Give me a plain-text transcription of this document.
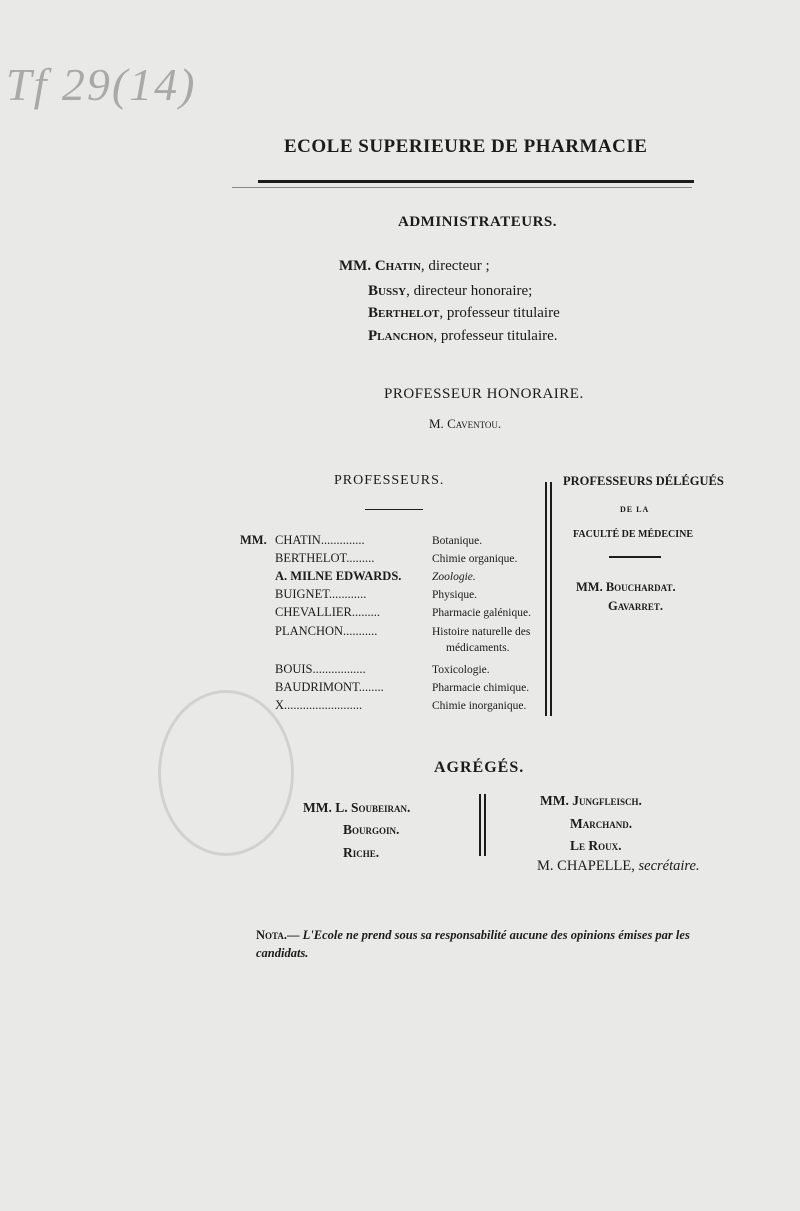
Tf 29(14)
ECOLE SUPERIEURE DE PHARMACIE
ADMINISTRATEURS.
MM. Chatin, directeur ;
Bussy, directeur honoraire;
Berthelot, professeur titulaire
Planchon, professeur titulaire.
PROFESSEUR HONORAIRE.
M. Caventou.
PROFESSEURS.
MM. CHATIN..............	Botanique.
BERTHELOT.........	Chimie organique.
A. MILNE EDWARDS.	Zoologie.
BUIGNET............	Physique.
CHEVALLIER.........	Pharmacie galénique.
PLANCHON...........	Histoire naturelle des
médicaments.
BOUIS.................	Toxicologie.
BAUDRIMONT........	Pharmacie chimique.
X.........................	Chimie inorganique.
PROFESSEURS DÉLÉGUÉS
DE LA
FACULTÉ DE MÉDECINE
MM. Bouchardat.
Gavarret.
AGRÉGÉS.
MM. L. Soubeiran.
Bourgoin.
Riche.
MM. Jungfleisch.
Marchand.
Le Roux.
M. CHAPELLE, secrétaire.
Nota.— L'Ecole ne prend sous sa responsabilité aucune des opinions émises par les
candidats.
